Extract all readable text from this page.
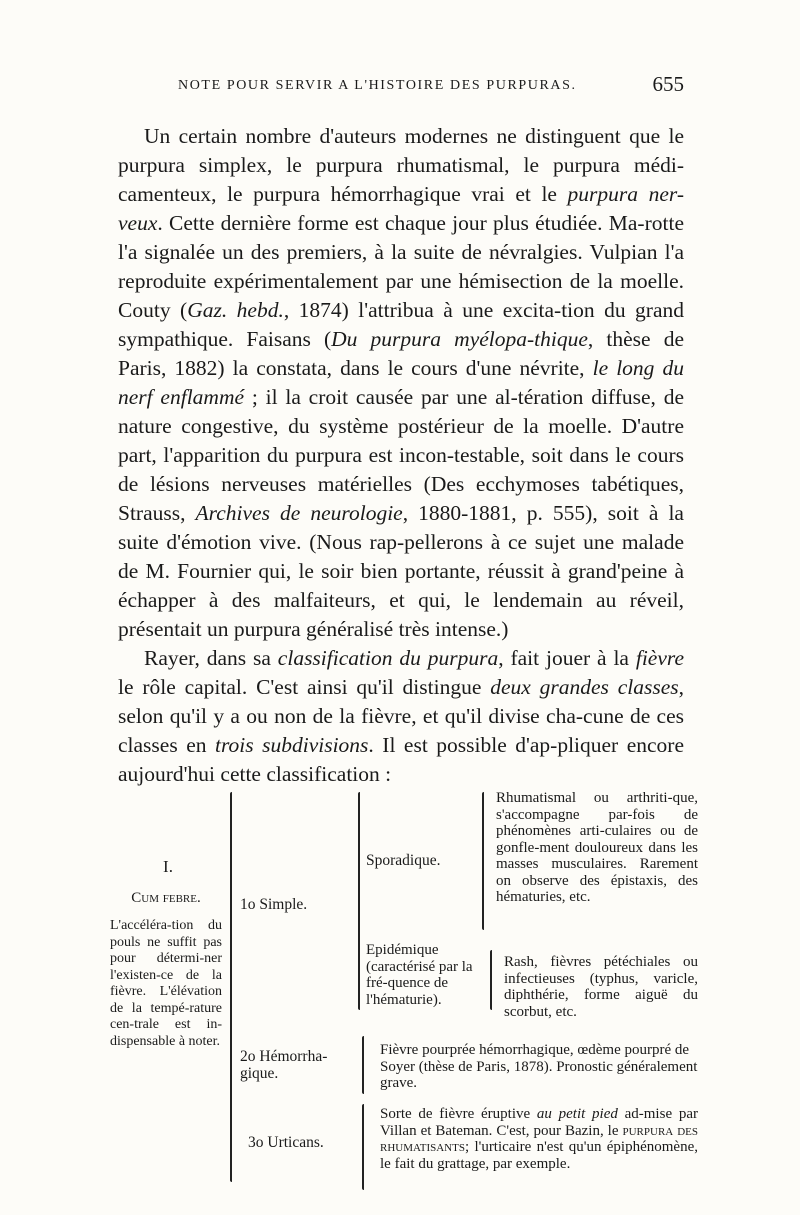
NOTE POUR SERVIR A L'HISTOIRE DES PURPURAS.	655

Un certain nombre d'auteurs modernes ne distinguent que le purpura simplex, le purpura rhumatismal, le purpura médi-camenteux, le purpura hémorrhagique vrai et le purpura ner-veux. Cette dernière forme est chaque jour plus étudiée. Ma-rotte l'a signalée un des premiers, à la suite de névralgies. Vulpian l'a reproduite expérimentalement par une hémisection de la moelle. Couty (Gaz. hebd., 1874) l'attribua à une excita-tion du grand sympathique. Faisans (Du purpura myélopa-thique, thèse de Paris, 1882) la constata, dans le cours d'une névrite, le long du nerf enflammé ; il la croit causée par une al-tération diffuse, de nature congestive, du système postérieur de la moelle. D'autre part, l'apparition du purpura est incon-testable, soit dans le cours de lésions nerveuses matérielles (Des ecchymoses tabétiques, Strauss, Archives de neurologie, 1880-1881, p. 555), soit à la suite d'émotion vive. (Nous rap-pellerons à ce sujet une malade de M. Fournier qui, le soir bien portante, réussit à grand'peine à échapper à des malfaiteurs, et qui, le lendemain au réveil, présentait un purpura généralisé très intense.)

Rayer, dans sa classification du purpura, fait jouer à la fièvre le rôle capital. C'est ainsi qu'il distingue deux grandes classes, selon qu'il y a ou non de la fièvre, et qu'il divise cha-cune de ces classes en trois subdivisions. Il est possible d'ap-pliquer encore aujourd'hui cette classification :

I.
Cum febre.
L'accéléra-tion du pouls ne suffit pas pour détermi-ner l'existen-ce de la fièvre. L'élévation de la tempé-rature cen-trale est in-dispensable à noter.
1o Simple.
Sporadique.
Rhumatismal ou arthriti-que, s'accompagne par-fois de phénomènes arti-culaires ou de gonfle-ment douloureux dans les masses musculaires. Rarement on observe des épistaxis, des hématuries, etc.
Epidémique (caractérisé par la fré-quence de l'hématurie).
Rash, fièvres pétéchiales ou infectieuses (typhus, varicle, diphthérie, forme aiguë du scorbut, etc.
2o Hémorrha-gique.
Fièvre pourprée hémorrhagique, œdème pourpré de Soyer (thèse de Paris, 1878). Pronostic généralement grave.
3o Urticans.
Sorte de fièvre éruptive au petit pied ad-mise par Villan et Bateman. C'est, pour Bazin, le purpura des rhumatisants; l'urticaire n'est qu'un épiphénomène, le fait du grattage, par exemple.
